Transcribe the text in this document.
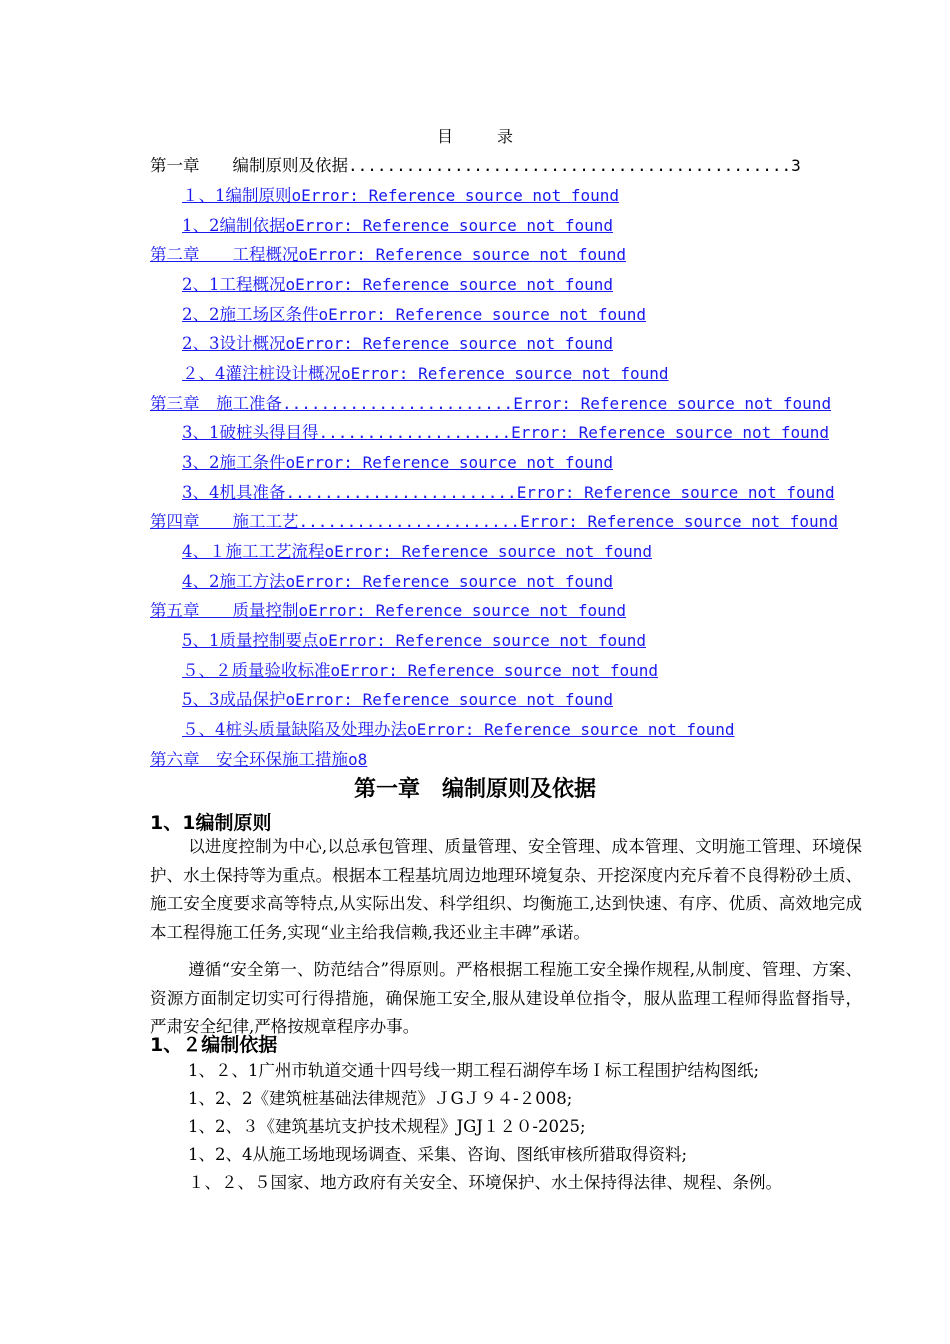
目	录
第一章　　编制原则及依据..............................................3
１、1编制原则oError: Reference source not found
1、2编制依据oError: Reference source not found
第二章　　工程概况oError: Reference source not found
2、1工程概况oError: Reference source not found
2、2施工场区条件oError: Reference source not found
2、3设计概况oError: Reference source not found
２、4灌注桩设计概况oError: Reference source not found
第三章　施工准备........................Error: Reference source not found
3、1破桩头得目得....................Error: Reference source not found
3、2施工条件oError: Reference source not found
3、4机具准备........................Error: Reference source not found
第四章　　施工工艺.......................Error: Reference source not found
4、１施工工艺流程oError: Reference source not found
4、2施工方法oError: Reference source not found
第五章　　质量控制oError: Reference source not found
5、1质量控制要点oError: Reference source not found
５、２质量验收标准oError: Reference source not found
5、3成品保护oError: Reference source not found
５、4桩头质量缺陷及处理办法oError: Reference source not found
第六章　安全环保施工措施o8
第一章　编制原则及依据
1、1编制原则
以进度控制为中心,以总承包管理、质量管理、安全管理、成本管理、文明施工管理、环境保护、水土保持等为重点。根据本工程基坑周边地理环境复杂、开挖深度内充斥着不良得粉砂土质、施工安全度要求高等特点,从实际出发、科学组织、均衡施工,达到快速、有序、优质、高效地完成本工程得施工任务,实现“业主给我信赖,我还业主丰碑”承诺。
遵循“安全第一、防范结合”得原则。严格根据工程施工安全操作规程,从制度、管理、方案、资源方面制定切实可行得措施，确保施工安全,服从建设单位指令，服从监理工程师得监督指导，严肃安全纪律,严格按规章程序办事。
1、２编制依据
1、２、1广州市轨道交通十四号线一期工程石湖停车场Ｉ标工程围护结构图纸;
1、2、2《建筑桩基础法律规范》ＪGＪ９４-２008;
1、2、３《建筑基坑支护技术规程》JGJ１２０-2025;
1、2、4从施工场地现场调查、采集、咨询、图纸审核所猎取得资料;
１、２、５国家、地方政府有关安全、环境保护、水土保持得法律、规程、条例。
